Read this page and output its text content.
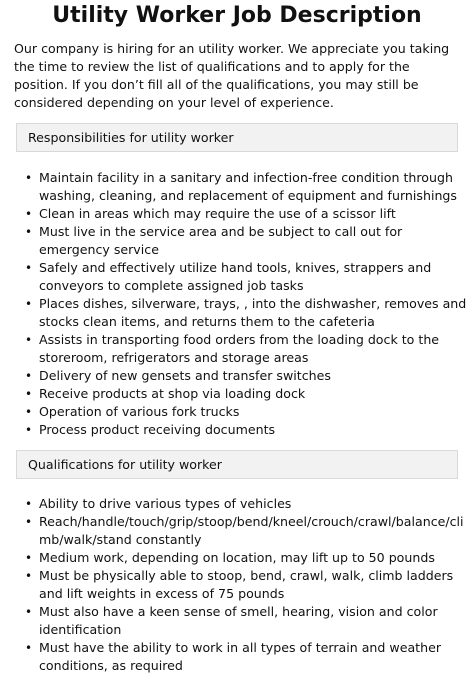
Utility Worker Job Description

Our company is hiring for an utility worker. We appreciate you taking the time to review the list of qualifications and to apply for the position. If you don’t fill all of the qualifications, you may still be considered depending on your level of experience.

Responsibilities for utility worker
• Maintain facility in a sanitary and infection-free condition through washing, cleaning, and replacement of equipment and furnishings
• Clean in areas which may require the use of a scissor lift
• Must live in the service area and be subject to call out for emergency service
• Safely and effectively utilize hand tools, knives, strappers and conveyors to complete assigned job tasks
• Places dishes, silverware, trays, , into the dishwasher, removes and stocks clean items, and returns them to the cafeteria
• Assists in transporting food orders from the loading dock to the storeroom, refrigerators and storage areas
• Delivery of new gensets and transfer switches
• Receive products at shop via loading dock
• Operation of various fork trucks
• Process product receiving documents
Qualifications for utility worker
• Ability to drive various types of vehicles
• Reach/handle/touch/grip/stoop/bend/kneel/crouch/crawl/balance/climb/walk/stand constantly
• Medium work, depending on location, may lift up to 50 pounds
• Must be physically able to stoop, bend, crawl, walk, climb ladders and lift weights in excess of 75 pounds
• Must also have a keen sense of smell, hearing, vision and color identification
• Must have the ability to work in all types of terrain and weather conditions, as required
